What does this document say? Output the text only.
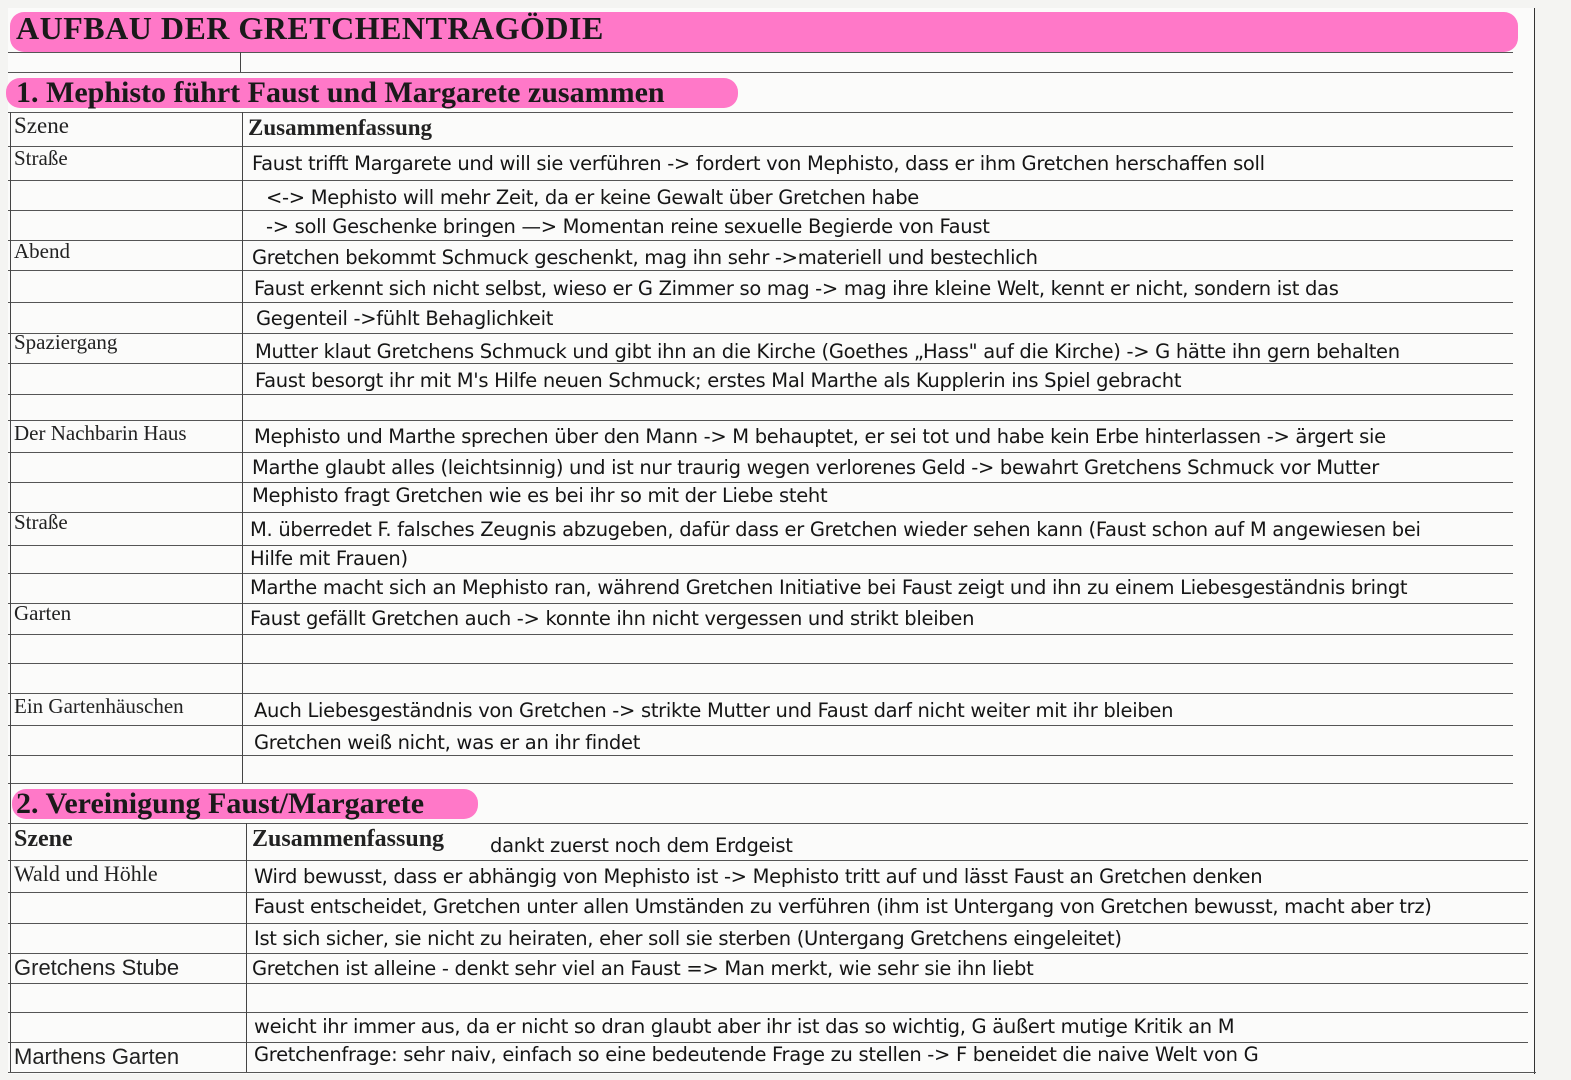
AUFBAU DER GRETCHENTRAGÖDIE
1. Mephisto führt Faust und Margarete zusammen
Szene	Zusammenfassung
Straße	Faust trifft Margarete und will sie verführen -> fordert von Mephisto, dass er ihm Gretchen herschaffen soll
<-> Mephisto will mehr Zeit, da er keine Gewalt über Gretchen habe
-> soll Geschenke bringen —> Momentan reine sexuelle Begierde von Faust
Abend	Gretchen bekommt Schmuck geschenkt, mag ihn sehr ->materiell und bestechlich
Faust erkennt sich nicht selbst, wieso er G Zimmer so mag -> mag ihre kleine Welt, kennt er nicht, sondern ist das
Gegenteil ->fühlt Behaglichkeit
Spaziergang	Mutter klaut Gretchens Schmuck und gibt ihn an die Kirche (Goethes „Hass" auf die Kirche) -> G hätte ihn gern behalten
Faust besorgt ihr mit M's Hilfe neuen Schmuck; erstes Mal Marthe als Kupplerin ins Spiel gebracht
Der Nachbarin Haus	Mephisto und Marthe sprechen über den Mann -> M behauptet, er sei tot und habe kein Erbe hinterlassen -> ärgert sie
Marthe glaubt alles (leichtsinnig) und ist nur traurig wegen verlorenes Geld -> bewahrt Gretchens Schmuck vor Mutter
Mephisto fragt Gretchen wie es bei ihr so mit der Liebe steht
Straße	M. überredet F. falsches Zeugnis abzugeben, dafür dass er Gretchen wieder sehen kann (Faust schon auf M angewiesen bei
Hilfe mit Frauen)
Marthe macht sich an Mephisto ran, während Gretchen Initiative bei Faust zeigt und ihn zu einem Liebesgeständnis bringt
Garten	Faust gefällt Gretchen auch -> konnte ihn nicht vergessen und strikt bleiben
Ein Gartenhäuschen	Auch Liebesgeständnis von Gretchen -> strikte Mutter und Faust darf nicht weiter mit ihr bleiben
Gretchen weiß nicht, was er an ihr findet
2. Vereinigung Faust/Margarete
Szene	Zusammenfassung dankt zuerst noch dem Erdgeist
Wald und Höhle	Wird bewusst, dass er abhängig von Mephisto ist -> Mephisto tritt auf und lässt Faust an Gretchen denken
Faust entscheidet, Gretchen unter allen Umständen zu verführen (ihm ist Untergang von Gretchen bewusst, macht aber trz)
Ist sich sicher, sie nicht zu heiraten, eher soll sie sterben (Untergang Gretchens eingeleitet)
Gretchens Stube	Gretchen ist alleine - denkt sehr viel an Faust => Man merkt, wie sehr sie ihn liebt
weicht ihr immer aus, da er nicht so dran glaubt aber ihr ist das so wichtig, G äußert mutige Kritik an M
Marthens Garten	Gretchenfrage: sehr naiv, einfach so eine bedeutende Frage zu stellen -> F beneidet die naive Welt von G
